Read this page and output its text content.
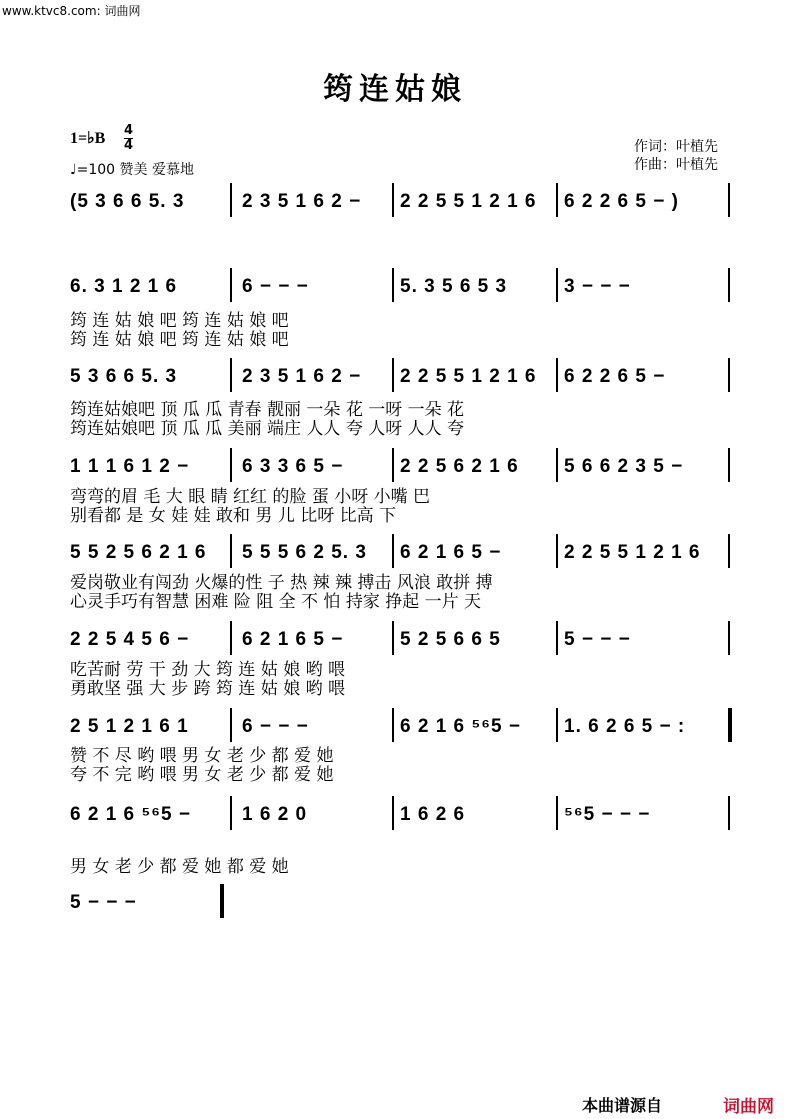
www.ktvc8.com: 词曲网
筠连姑娘
1=♭B 4
4
♩=100 赞美 爱慕地
作词：叶植先
作曲：叶植先
(5 3 6 6 5. 3	2 3 5 1 6 2 − 2 2 5 5 1 2 1 6 6 2 2 6 5 − )
6. 3 1 2 1 6	6 − − −	5. 3 5 6 5 3	3 − − −
筠 连 姑 娘 吧 筠 连 姑 娘 吧
筠 连 姑 娘 吧 筠 连 姑 娘 吧
5 3 6 6 5. 3	2 3 5 1 6 2 − 2 2 5 5 1 2 1 6 6 2 2 6 5 −
筠连姑娘吧 顶 瓜 瓜 青春 靓丽 一朵 花 一呀 一朵 花
筠连姑娘吧 顶 瓜 瓜 美丽 端庄 人人 夸 人呀 人人 夸
1 1 1 6 1 2 −	6 3 3 6 5 −	2 2 5 6 2 1 6 5 6 6 2 3 5 −
弯弯的眉 毛 大 眼 睛 红红 的脸 蛋 小呀 小嘴 巴
别看都 是 女 娃 娃 敢和 男 儿 比呀 比高 下
5 5 2 5 6 2 1 6 5 5 5 6 2 5. 3 6 2 1 6 5 −	2 2 5 5 1 2 1 6
爱岗敬业有闯劲 火爆的性 子 热 辣 辣 搏击 风浪 敢拼 搏
心灵手巧有智慧 困难 险 阻 全 不 怕 持家 挣起 一片 天
2 2 5 4 5 6 −	6 2 1 6 5 −	5 2 5 6 6 5	5 − − −
吃苦耐 劳 干 劲 大 筠 连 姑 娘 哟 喂
勇敢坚 强 大 步 跨 筠 连 姑 娘 哟 喂
2 5 1 2 1 6 1	6 − − −	6 2 1 6 ⁵⁶5 − 1. 6 2 6 5 − :
赞 不 尽 哟 喂 男 女 老 少 都 爱 她
夸 不 完 哟 喂 男 女 老 少 都 爱 她
6 2 1 6 ⁵⁶5 −	1 6 2 0	1 6 2 6	⁵⁶5 − − −
男 女 老 少 都 爱 她 都 爱 她
5 − − −
本曲谱源自	词曲网
